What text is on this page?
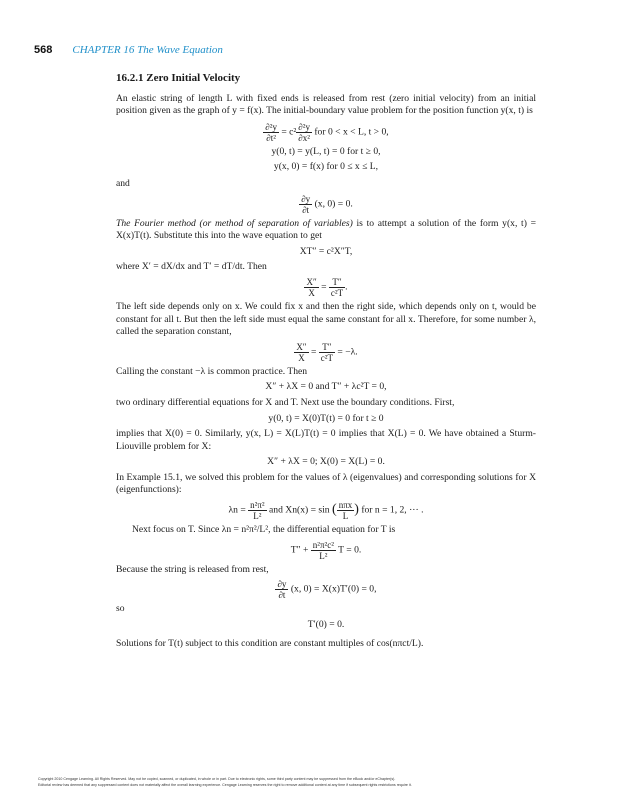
568 CHAPTER 16 The Wave Equation
16.2.1 Zero Initial Velocity

An elastic string of length L with fixed ends is released from rest (zero initial velocity) from an initial position given as the graph of y = f(x). The initial-boundary value problem for the position function y(x, t) is

$\frac{\text{∂²y}}{\text{∂t²}} = c^2 \frac{\text{∂²y}}{\text{∂x²}}$ for 0 < x < L, t > 0,
y(0, t) = y(L, t) = 0 for t ≥ 0,
y(x, 0) = f(x) for 0 ≤ x ≤ L,

and

$\frac{\partial y}{\partial t} (x$, 0) = 0.

The Fourier method (or method of separation of variables) is to attempt a solution of the form y(x, t) = X(x)T(t). Substitute this into the wave equation to get

XT″ = c²X″T,

where X′ = dX/dx and T′ = dT/dt. Then

$\frac{X''}{X} = \frac{T''}{\text{c²T}}$ .

The left side depends only on x. We could fix x and then the right side, which depends only on t, would be constant for all t. But then the left side must equal the same constant for all x. Therefore, for some number λ, called the separation constant,

$\frac{X''}{X} = \frac{T''}{\text{c²T}} = -\lambda$.

Calling the constant −λ is common practice. Then

X″ + λX = 0 and T″ + λc²T = 0,

two ordinary differential equations for X and T. Next use the boundary conditions. First,

y(0, t) = X(0)T(t) = 0 for t ≥ 0

implies that X(0) = 0. Similarly, y(x, L) = X(L)T(t) = 0 implies that X(L) = 0. We have obtained a Sturm-Liouville problem for X:

X″ + λX = 0; X(0) = X(L) = 0.

In Example 15.1, we solved this problem for the values of λ (eigenvalues) and corresponding solutions for X (eigenfunctions):

$\lambda n = \frac{\text{n²π²}}{\text{L²}}$ and Xn(x) = sin ( $\frac{\text{nπx}}{L}$ ) for n = 1, 2, ··· .

Next focus on T. Since λn = n²π²/L², the differential equation for T is

$T'' + \frac{\text{n²π²c²}}{\text{L²}}$ T = 0.

Because the string is released from rest,

$\frac{\partial y}{\partial t} (x$, 0) = X(x)T′(0) = 0,

so

T′(0) = 0.

Solutions for T(t) subject to this condition are constant multiples of cos(nπct/L).

Copyright 2010 Cengage Learning. All Rights Reserved. May not be copied, scanned, or duplicated, in whole or in part. Due to electronic rights, some third party content may be suppressed from the eBook and/or eChapter(s).
Editorial review has deemed that any suppressed content does not materially affect the overall learning experience. Cengage Learning reserves the right to remove additional content at any time if subsequent rights restrictions require it.
